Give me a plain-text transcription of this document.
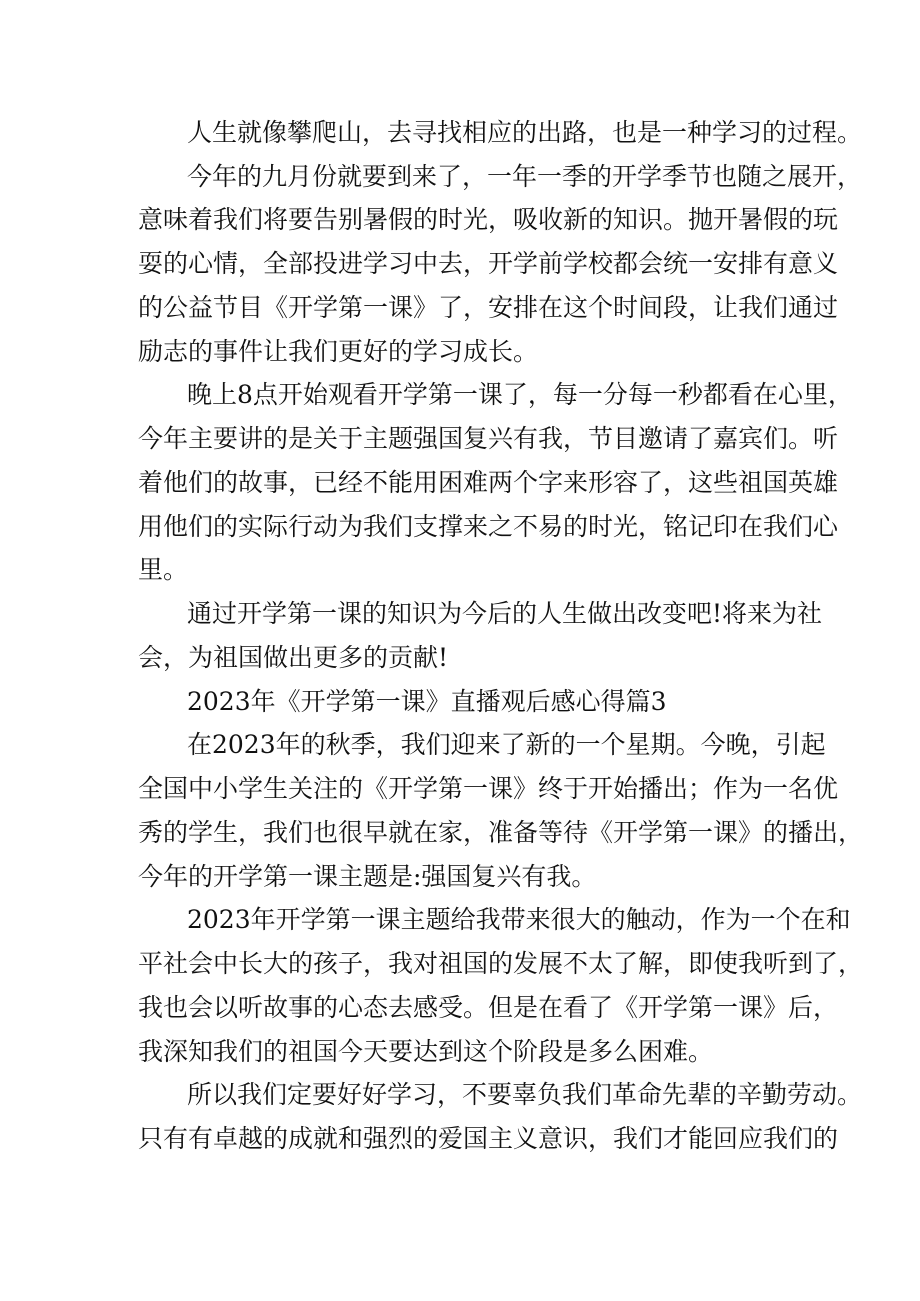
人生就像攀爬山，去寻找相应的出路，也是一种学习的过程。

今年的九月份就要到来了，一年一季的开学季节也随之展开，

意味着我们将要告别暑假的时光，吸收新的知识。抛开暑假的玩

耍的心情，全部投进学习中去，开学前学校都会统一安排有意义

的公益节目《开学第一课》了，安排在这个时间段，让我们通过

励志的事件让我们更好的学习成长。

晚上8点开始观看开学第一课了，每一分每一秒都看在心里，

今年主要讲的是关于主题强国复兴有我，节目邀请了嘉宾们。听

着他们的故事，已经不能用困难两个字来形容了，这些祖国英雄

用他们的实际行动为我们支撑来之不易的时光，铭记印在我们心

里。

通过开学第一课的知识为今后的人生做出改变吧!将来为社

会，为祖国做出更多的贡献!

2023年《开学第一课》直播观后感心得篇3

在2023年的秋季，我们迎来了新的一个星期。今晚，引起

全国中小学生关注的《开学第一课》终于开始播出；作为一名优

秀的学生，我们也很早就在家，准备等待《开学第一课》的播出，

今年的开学第一课主题是:强国复兴有我。

2023年开学第一课主题给我带来很大的触动，作为一个在和

平社会中长大的孩子，我对祖国的发展不太了解，即使我听到了，

我也会以听故事的心态去感受。但是在看了《开学第一课》后，

我深知我们的祖国今天要达到这个阶段是多么困难。

所以我们定要好好学习，不要辜负我们革命先辈的辛勤劳动。

只有有卓越的成就和强烈的爱国主义意识，我们才能回应我们的
